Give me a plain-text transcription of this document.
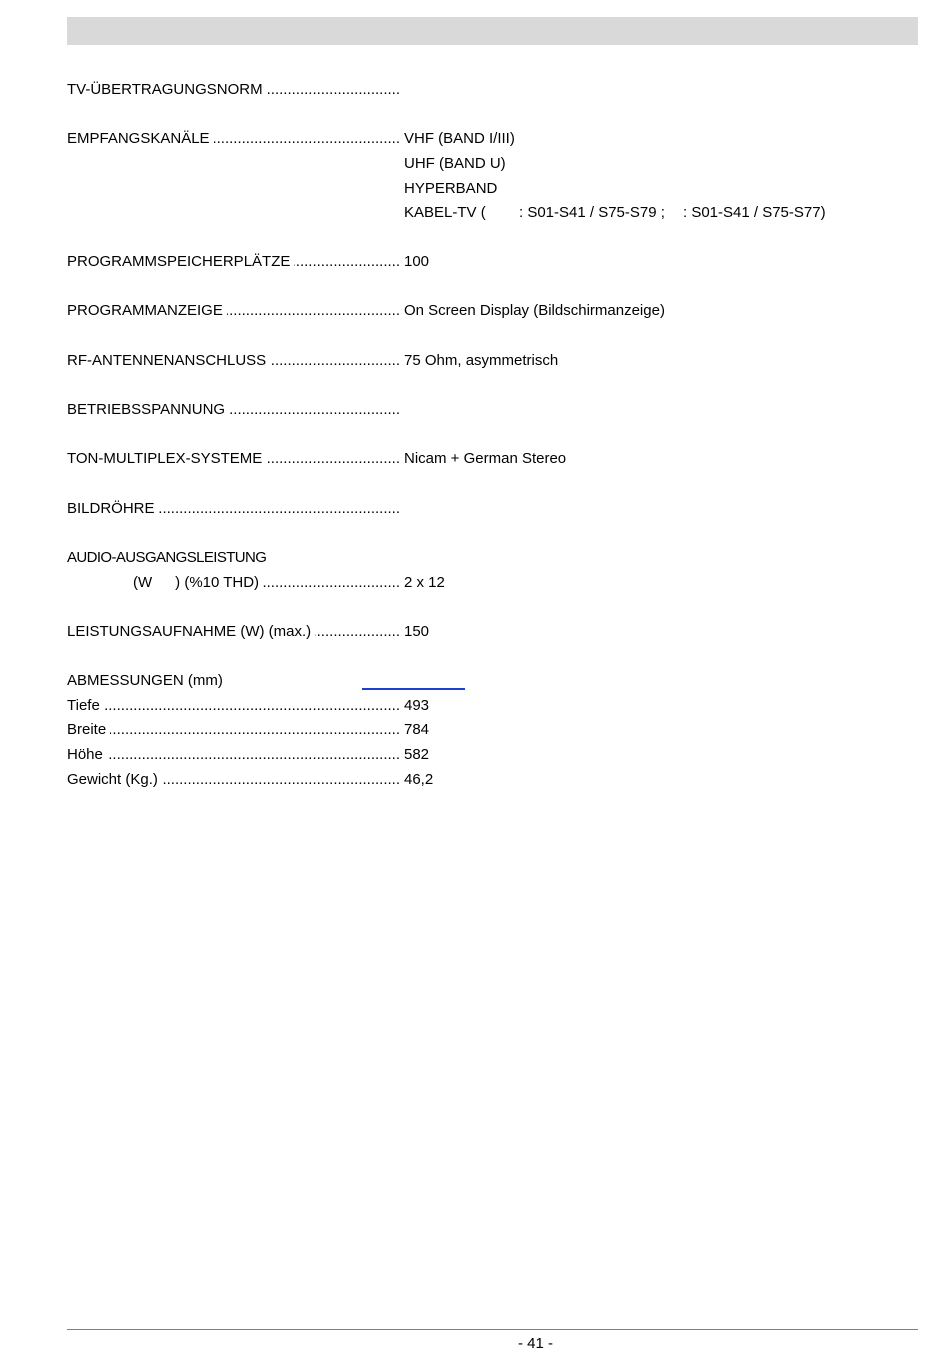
TV-ÜBERTRAGUNGSNORM
.....
EMPFANGSKANÄLE .....	VHF (BAND I/III)
UHF (BAND U)
HYPERBAND
KABEL-TV ( : S01-S41 / S75-S79 ; : S01-S41 / S75-S77)
PROGRAMMSPEICHERPLÄTZE .....	100
PROGRAMMANZEIGE .....	On Screen Display (Bildschirmanzeige)
RF-ANTENNENANSCHLUSS .....	75 Ohm, asymmetrisch
BETRIEBSSPANNUNG
.....
TON-MULTIPLEX-SYSTEME .....	Nicam + German Stereo
BILDRÖHRE
.....
AUDIO-AUSGANGSLEISTUNG
(W ) (%10 THD) .....	2 x 12
LEISTUNGSAUFNAHME (W) (max.) .....	150
ABMESSUNGEN (mm)
Tiefe .....	493
Breite .....	784
Höhe .....	582
Gewicht (Kg.) .....	46,2
- 41 -
